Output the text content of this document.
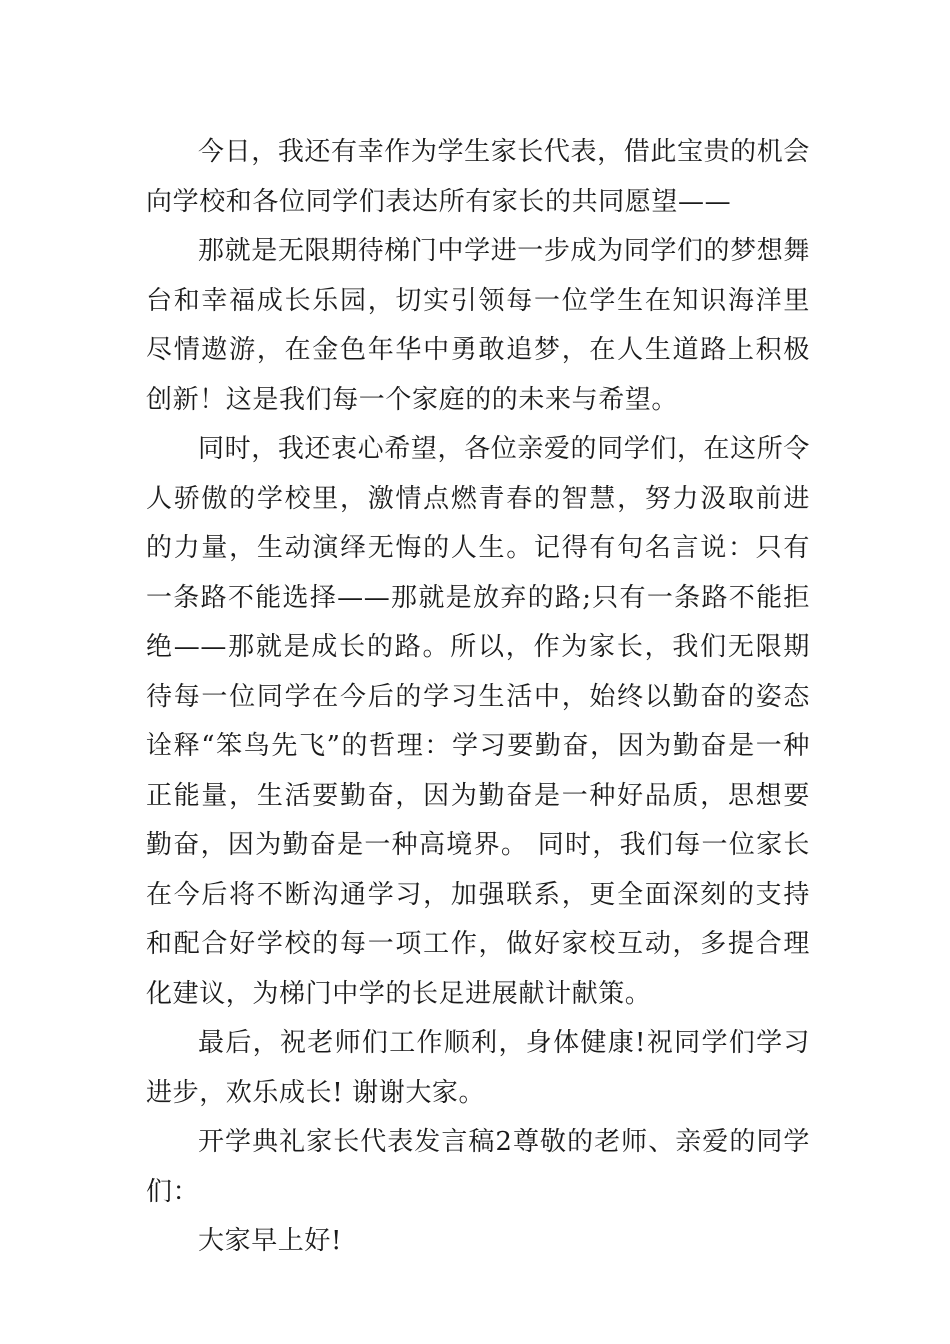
今日，我还有幸作为学生家长代表，借此宝贵的机会向学校和各位同学们表达所有家长的共同愿望——

那就是无限期待梯门中学进一步成为同学们的梦想舞台和幸福成长乐园，切实引领每一位学生在知识海洋里尽情遨游，在金色年华中勇敢追梦，在人生道路上积极创新！这是我们每一个家庭的的未来与希望。

同时，我还衷心希望，各位亲爱的同学们，在这所令人骄傲的学校里，激情点燃青春的智慧，努力汲取前进的力量，生动演绎无悔的人生。记得有句名言说：只有一条路不能选择——那就是放弃的路;只有一条路不能拒绝——那就是成长的路。所以，作为家长，我们无限期待每一位同学在今后的学习生活中，始终以勤奋的姿态诠释“笨鸟先飞”的哲理：学习要勤奋，因为勤奋是一种正能量，生活要勤奋，因为勤奋是一种好品质，思想要勤奋，因为勤奋是一种高境界。 同时，我们每一位家长在今后将不断沟通学习，加强联系，更全面深刻的支持和配合好学校的每一项工作，做好家校互动，多提合理化建议，为梯门中学的长足进展献计献策。

最后，祝老师们工作顺利，身体健康!祝同学们学习进步，欢乐成长! 谢谢大家。

开学典礼家长代表发言稿2尊敬的老师、亲爱的同学们：

大家早上好!
